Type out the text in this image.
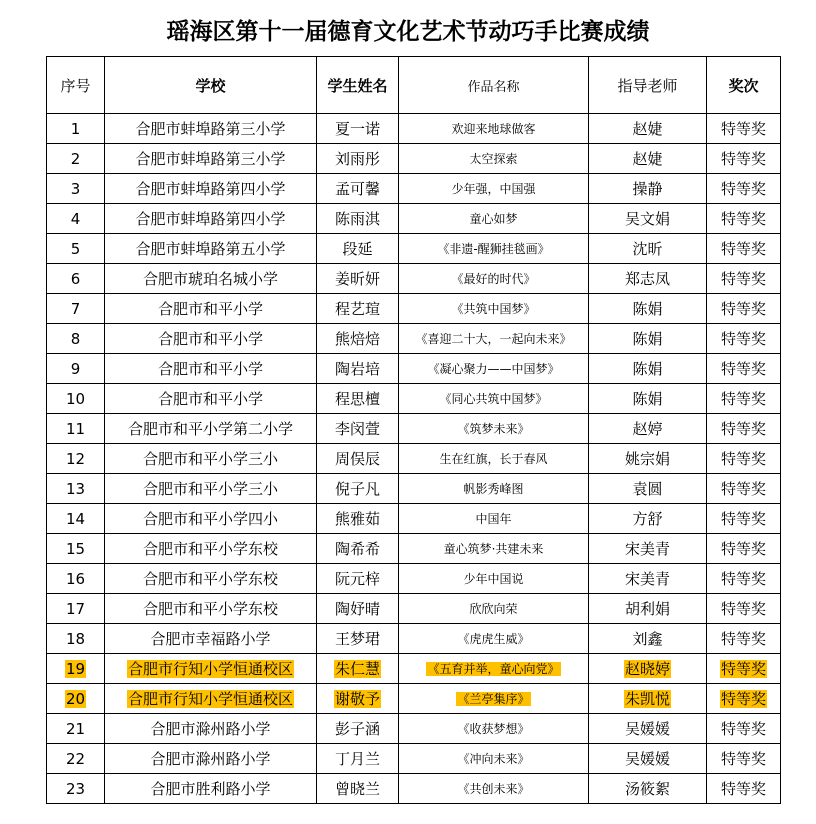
瑶海区第十一届德育文化艺术节动巧手比赛成绩
序号	学校	学生姓名	作品名称	指导老师	奖次
1	合肥市蚌埠路第三小学	夏一诺	欢迎来地球做客	赵婕	特等奖
2	合肥市蚌埠路第三小学	刘雨彤	太空探索	赵婕	特等奖
3	合肥市蚌埠路第四小学	孟可馨	少年强，中国强	操静	特等奖
4	合肥市蚌埠路第四小学	陈雨淇	童心如梦	吴文娟	特等奖
5	合肥市蚌埠路第五小学	段延	《非遗-醒狮挂毯画》	沈昕	特等奖
6	合肥市琥珀名城小学	姜昕妍	《最好的时代》	郑志凤	特等奖
7	合肥市和平小学	程艺瑄	《共筑中国梦》	陈娟	特等奖
8	合肥市和平小学	熊焙焙	《喜迎二十大，一起向未来》	陈娟	特等奖
9	合肥市和平小学	陶岩培	《凝心聚力——中国梦》	陈娟	特等奖
10	合肥市和平小学	程思檀	《同心共筑中国梦》	陈娟	特等奖
11	合肥市和平小学第二小学	李闵萱	《筑梦未来》	赵婷	特等奖
12	合肥市和平小学三小	周俣辰	生在红旗，长于春风	姚宗娟	特等奖
13	合肥市和平小学三小	倪子凡	帆影秀峰图	袁圆	特等奖
14	合肥市和平小学四小	熊雅茹	中国年	方舒	特等奖
15	合肥市和平小学东校	陶希希	童心筑梦·共建未来	宋美青	特等奖
16	合肥市和平小学东校	阮元梓	少年中国说	宋美青	特等奖
17	合肥市和平小学东校	陶妤晴	欣欣向荣	胡利娟	特等奖
18	合肥市幸福路小学	王梦珺	《虎虎生威》	刘鑫	特等奖
19	合肥市行知小学恒通校区	朱仁慧	《五育并举，童心向党》	赵晓婷	特等奖
20	合肥市行知小学恒通校区	谢敬予	《兰亭集序》	朱凯悦	特等奖
21	合肥市滁州路小学	彭子涵	《收获梦想》	吴媛媛	特等奖
22	合肥市滁州路小学	丁月兰	《冲向未来》	吴媛媛	特等奖
23	合肥市胜利路小学	曾晓兰	《共创未来》	汤筱絮	特等奖
